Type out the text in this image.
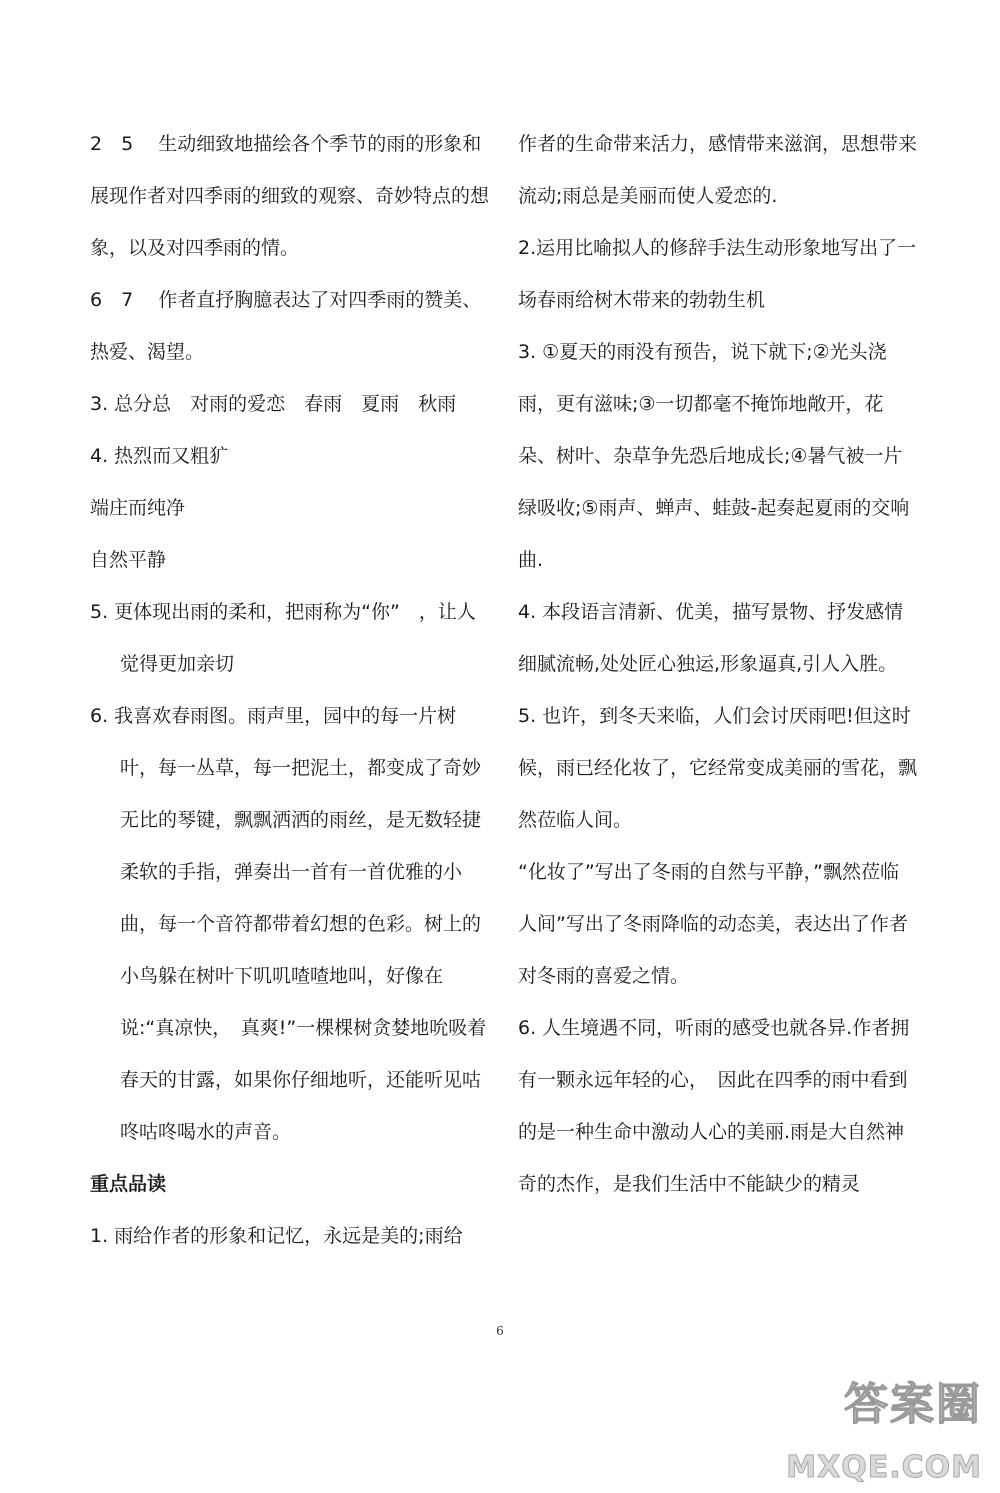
2　5　 生动细致地描绘各个季节的雨的形象和展现作者对四季雨的细致的观察、奇妙特点的想象，以及对四季雨的情。

6　7　 作者直抒胸臆表达了对四季雨的赞美、热爱、渴望。

3. 总分总　对雨的爱恋　春雨　夏雨　秋雨

4. 热烈而又粗犷

端庄而纯净

自然平静

5. 更体现出雨的柔和，把雨称为“你”　，让人觉得更加亲切

6. 我喜欢春雨图。雨声里，园中的每一片树叶，每一丛草，每一把泥土，都变成了奇妙无比的琴键，飘飘洒洒的雨丝，是无数轻捷柔软的手指，弹奏出一首有一首优雅的小曲，每一个音符都带着幻想的色彩。树上的小鸟躲在树叶下叽叽喳喳地叫，好像在说:“真凉快，　真爽!”一棵棵树贪婪地吮吸着春天的甘露，如果你仔细地听，还能听见咕咚咕咚喝水的声音。

重点品读

1. 雨给作者的形象和记忆，永远是美的;雨给

作者的生命带来活力，感情带来滋润，思想带来流动;雨总是美丽而使人爱恋的.

2.运用比喻拟人的修辞手法生动形象地写出了一场春雨给树木带来的勃勃生机

3. ①夏天的雨没有预告，说下就下;②光头浇雨，更有滋味;③一切都毫不掩饰地敞开，花朵、树叶、杂草争先恐后地成长;④暑气被一片绿吸收;⑤雨声、蝉声、蛙鼓-起奏起夏雨的交响曲.

4. 本段语言清新、优美，描写景物、抒发感情细腻流畅,处处匠心独运,形象逼真,引人入胜。

5. 也许，到冬天来临，人们会讨厌雨吧!但这时候，雨已经化妆了，它经常变成美丽的雪花，飘然莅临人间。

“化妆了”写出了冬雨的自然与平静，”飘然莅临人间”写出了冬雨降临的动态美，表达出了作者对冬雨的喜爱之情。

6. 人生境遇不同，听雨的感受也就各异.作者拥有一颗永远年轻的心，　因此在四季的雨中看到的是一种生命中激动人心的美丽.雨是大自然神奇的杰作，是我们生活中不能缺少的精灵

6
答案圈
MXQE.COM
